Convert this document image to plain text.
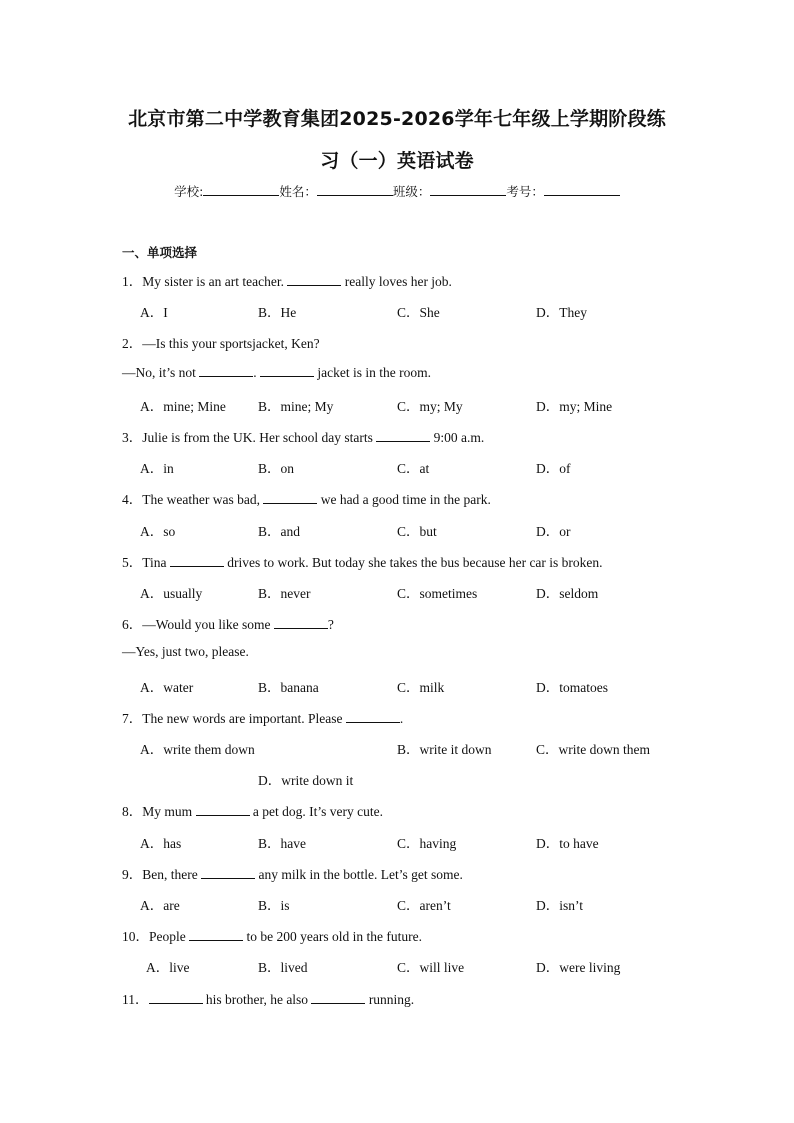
北京市第二中学教育集团2025-2026学年七年级上学期阶段练
习（一）英语试卷
学校:	姓名：	班级：	考号：
一、单项选择
1．My sister is an art teacher.	really loves her job.
A．I	B．He	C．She	D．They
2．—Is this your sportsjacket, Ken?
—No, it’s not	.	jacket is in the room.
A．mine; Mine B．mine; My	C．my; My	D．my; Mine
3．Julie is from the UK. Her school day starts	9:00 a.m.
A．in	B．on	C．at	D．of
4．The weather was bad,	we had a good time in the park.
A．so	B．and	C．but	D．or
5．Tina	drives to work. But today she takes the bus because her car is broken.
A．usually	B．never	C．sometimes	D．seldom
6．—Would you like some	?
—Yes, just two, please.
A．water	B．banana	C．milk	D．tomatoes
7．The new words are important. Please	.
A．write them down	B．write it down	C．write down them
D．write down it
8．My mum	a pet dog. It’s very cute.
A．has	B．have	C．having	D．to have
9．Ben, there	any milk in the bottle. Let’s get some.
A．are	B．is	C．aren’t	D．isn’t
10．People	to be 200 years old in the future.
A．live	B．lived	C．will live	D．were living
11．	his brother, he also	running.
